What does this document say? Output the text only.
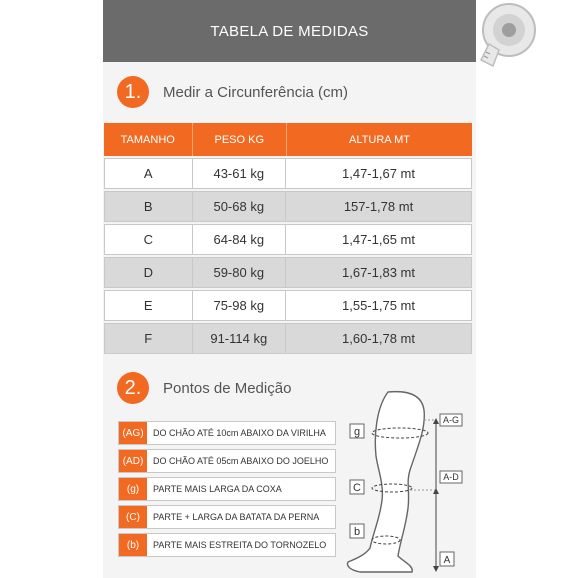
TABELA DE MEDIDAS
1.	Medir a Circunferência (cm)
TAMANHO	PESO KG	ALTURA MT
A	43-61 kg	1,47-1,67 mt
B	50-68 kg	157-1,78 mt
C	64-84 kg	1,47-1,65 mt
D	59-80 kg	1,67-1,83 mt
E	75-98 kg	1,55-1,75 mt
F	91-114 kg	1,60-1,78 mt
2.	Pontos de Medição
(AG)	DO CHÃO ATÉ 10cm ABAIXO DA VIRILHA
(AD)	DO CHÃO ATÉ 05cm ABAIXO DO JOELHO
(g)	PARTE MAIS LARGA DA COXA
(C)	PARTE + LARGA DA BATATA DA PERNA
(b)	PARTE MAIS ESTREITA DO TORNOZELO
g
C
b
A-G
A-D
A
